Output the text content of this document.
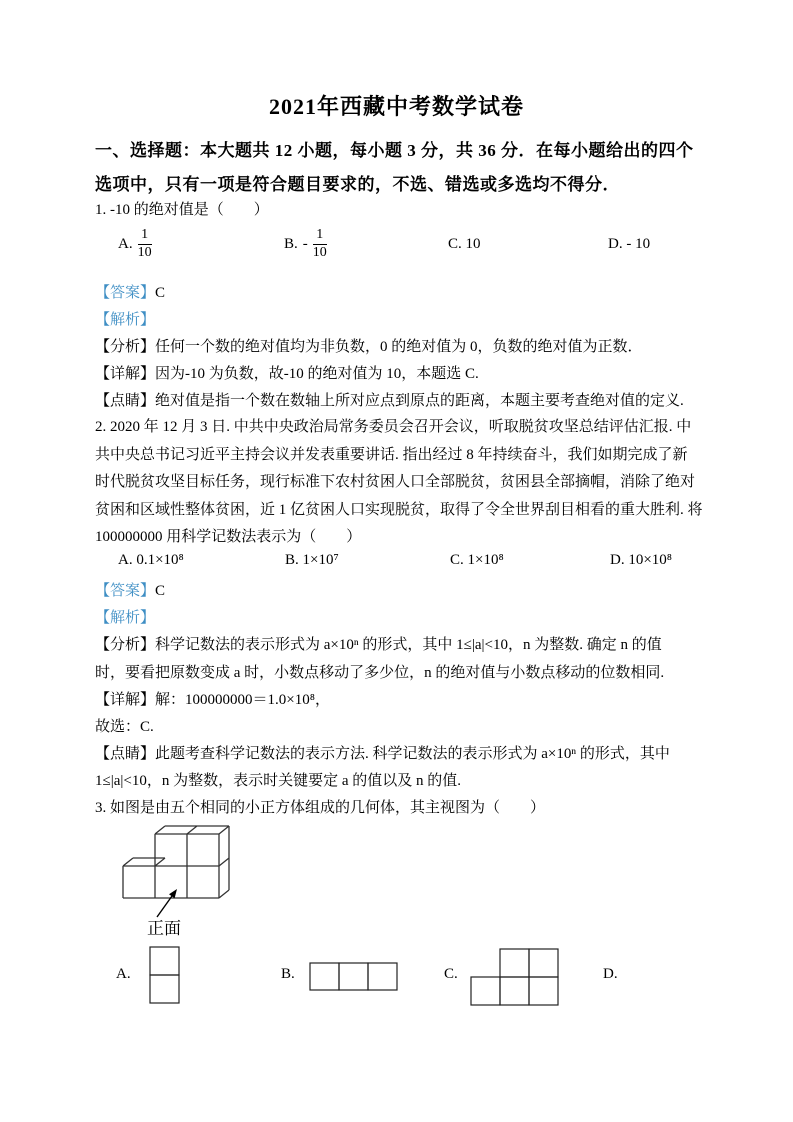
2021年西藏中考数学试卷
一、选择题：本大题共 12 小题，每小题 3 分，共 36 分．在每小题给出的四个
选项中，只有一项是符合题目要求的，不选、错选或多选均不得分．
1. ‐10 的绝对值是（　　）
A. $\frac{1}{10}$	B. ‐ $\frac{1}{10}$	C. 10	D. ‐ 10
【答案】C
【解析】
【分析】任何一个数的绝对值均为非负数，0 的绝对值为 0，负数的绝对值为正数．
【详解】因为-10 为负数，故-10 的绝对值为 10，本题选 C.
【点睛】绝对值是指一个数在数轴上所对应点到原点的距离，本题主要考查绝对值的定义.
2. 2020 年 12 月 3 日. 中共中央政治局常务委员会召开会议，听取脱贫攻坚总结评估汇报. 中
共中央总书记习近平主持会议并发表重要讲话. 指出经过 8 年持续奋斗，我们如期完成了新
时代脱贫攻坚目标任务，现行标准下农村贫困人口全部脱贫，贫困县全部摘帽，消除了绝对
贫困和区域性整体贫困，近 1 亿贫困人口实现脱贫，取得了令全世界刮目相看的重大胜利. 将
100000000 用科学记数法表示为（　　）
A. 0.1×10⁸	B. 1×10⁷	C. 1×10⁸	D. 10×10⁸
【答案】C
【解析】
【分析】科学记数法的表示形式为 a×10ⁿ 的形式，其中 1≤|a|<10，n 为整数. 确定 n 的值
时，要看把原数变成 a 时，小数点移动了多少位，n 的绝对值与小数点移动的位数相同.
【详解】解：100000000＝1.0×10⁸，
故选：C.
【点睛】此题考查科学记数法的表示方法. 科学记数法的表示形式为 a×10ⁿ 的形式，其中
1≤|a|<10，n 为整数，表示时关键要定 a 的值以及 n 的值.
3. 如图是由五个相同的小正方体组成的几何体，其主视图为（　　）
正面
A.	B.	C.	D.
